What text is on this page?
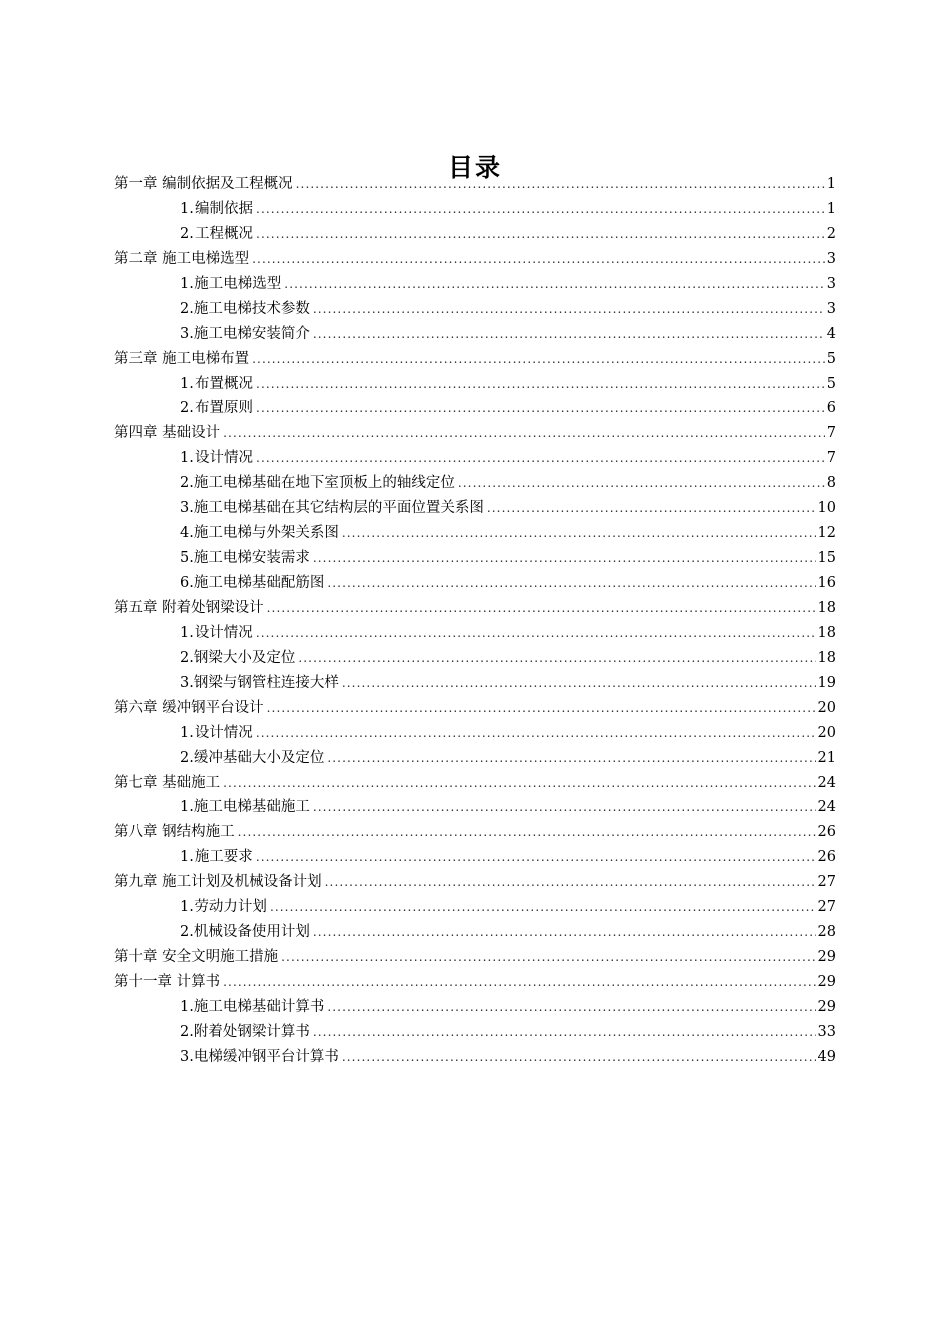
目录
第一章 编制依据及工程概况 .....	1
1. 编制依据 .....	1
2. 工程概况 .....	2
第二章 施工电梯选型 .....	3
1. 施工电梯选型 .....	3
2. 施工电梯技术参数 .....	3
3. 施工电梯安装简介 .....	4
第三章 施工电梯布置 .....	5
1. 布置概况 .....	5
2. 布置原则 .....	6
第四章 基础设计 .....	7
1. 设计情况 .....	7
2. 施工电梯基础在地下室顶板上的轴线定位 .....	8
3. 施工电梯基础在其它结构层的平面位置关系图 .....	10
4. 施工电梯与外架关系图 .....	12
5. 施工电梯安装需求 .....	15
6. 施工电梯基础配筋图 .....	16
第五章 附着处钢梁设计 .....	18
1. 设计情况 .....	18
2. 钢梁大小及定位 .....	18
3. 钢梁与钢管柱连接大样 .....	19
第六章 缓冲钢平台设计 .....	20
1. 设计情况 .....	20
2. 缓冲基础大小及定位 .....	21
第七章 基础施工 .....	24
1. 施工电梯基础施工 .....	24
第八章 钢结构施工 .....	26
1. 施工要求 .....	26
第九章 施工计划及机械设备计划 .....	27
1. 劳动力计划 .....	27
2. 机械设备使用计划 .....	28
第十章 安全文明施工措施 .....	29
第十一章 计算书 .....	29
1. 施工电梯基础计算书 .....	29
2. 附着处钢梁计算书 .....	33
3. 电梯缓冲钢平台计算书 .....	49
